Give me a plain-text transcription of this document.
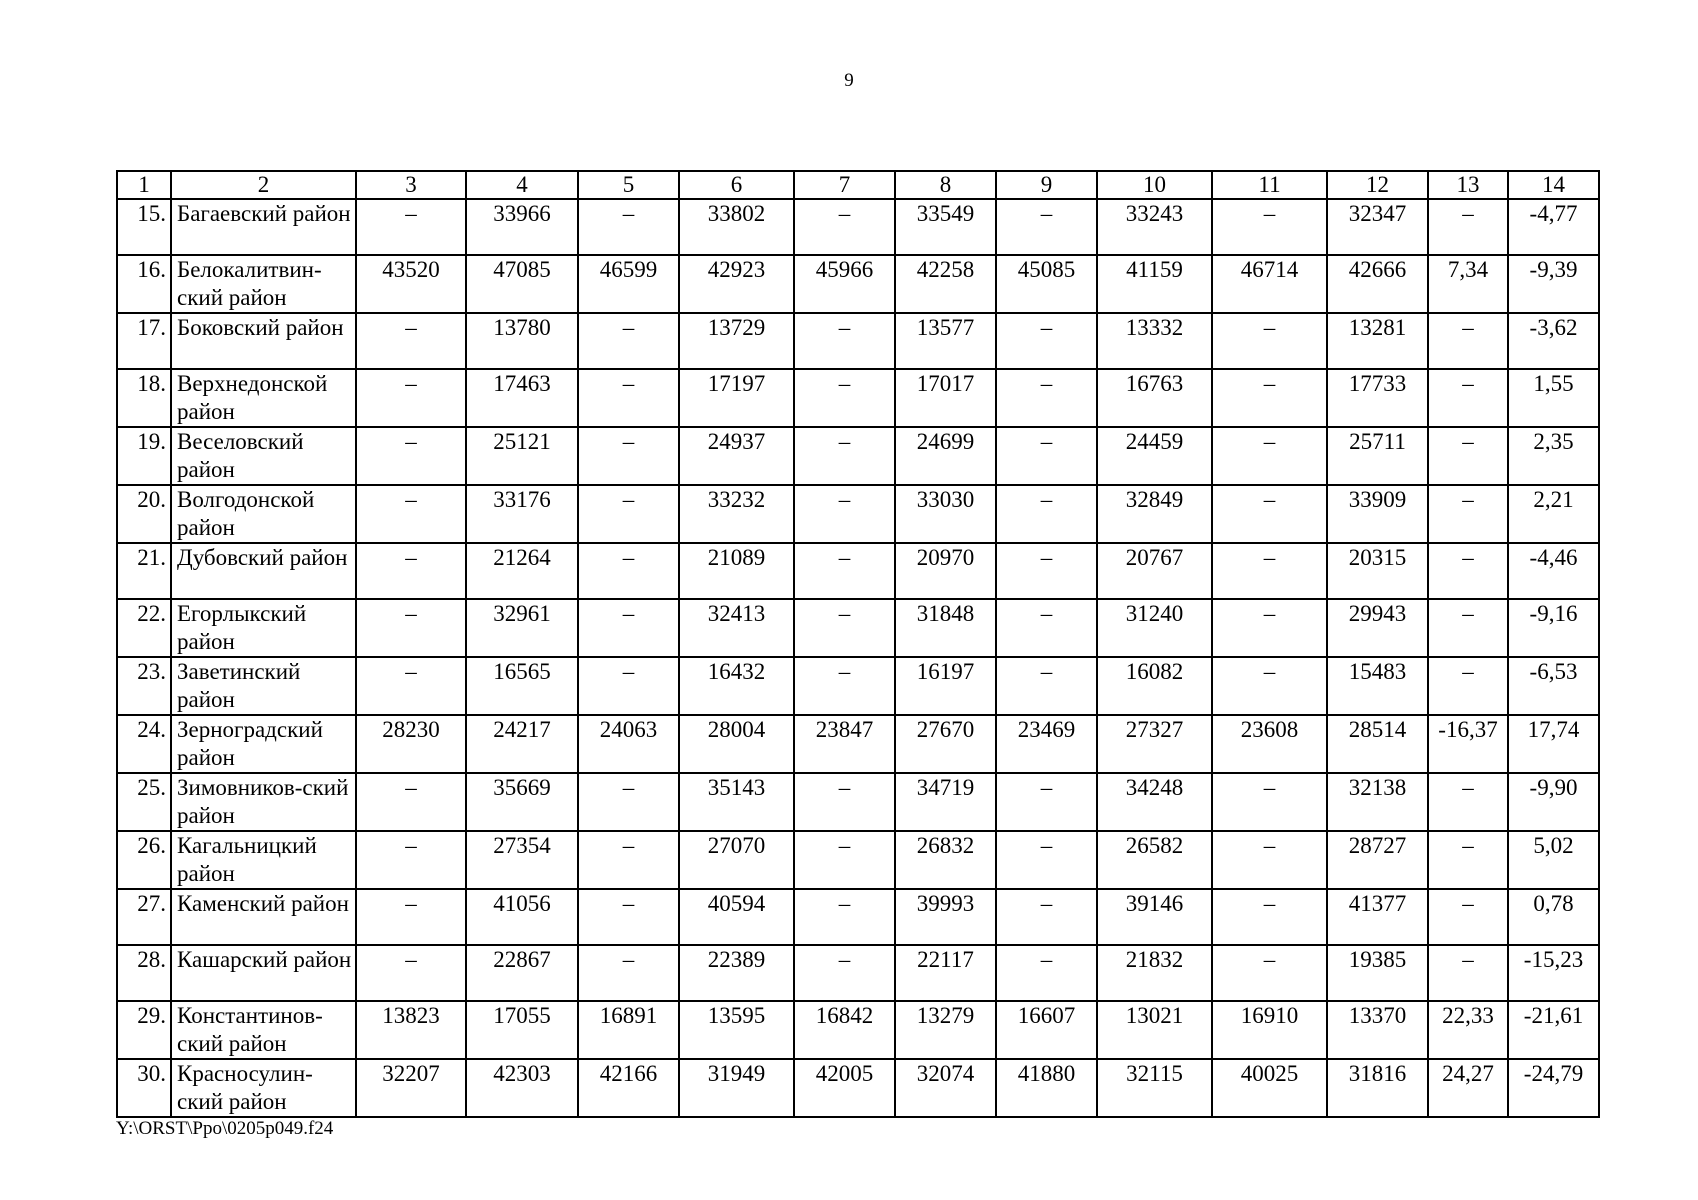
9
1	2	3	4	5	6	7	8	9	10	11	12	13	14
15.	Багаевский район	–	33966	–	33802	–	33549	–	33243	–	32347	–	-4,77
16.	Белокалитвин-ский район	43520	47085	46599	42923	45966	42258	45085	41159	46714	42666	7,34	-9,39
17.	Боковский район	–	13780	–	13729	–	13577	–	13332	–	13281	–	-3,62
18.	Верхнедонской район	–	17463	–	17197	–	17017	–	16763	–	17733	–	1,55
19.	Веселовский район	–	25121	–	24937	–	24699	–	24459	–	25711	–	2,35
20.	Волгодонской район	–	33176	–	33232	–	33030	–	32849	–	33909	–	2,21
21.	Дубовский район	–	21264	–	21089	–	20970	–	20767	–	20315	–	-4,46
22.	Егорлыкский район	–	32961	–	32413	–	31848	–	31240	–	29943	–	-9,16
23.	Заветинский район	–	16565	–	16432	–	16197	–	16082	–	15483	–	-6,53
24.	Зерноградский район	28230	24217	24063	28004	23847	27670	23469	27327	23608	28514	-16,37	17,74
25.	Зимовников-ский район	–	35669	–	35143	–	34719	–	34248	–	32138	–	-9,90
26.	Кагальницкий район	–	27354	–	27070	–	26832	–	26582	–	28727	–	5,02
27.	Каменский район	–	41056	–	40594	–	39993	–	39146	–	41377	–	0,78
28.	Кашарский район	–	22867	–	22389	–	22117	–	21832	–	19385	–	-15,23
29.	Константинов-ский район	13823	17055	16891	13595	16842	13279	16607	13021	16910	13370	22,33	-21,61
30.	Красносулин-ский район	32207	42303	42166	31949	42005	32074	41880	32115	40025	31816	24,27	-24,79
Y:\ORST\Ppo\0205p049.f24
